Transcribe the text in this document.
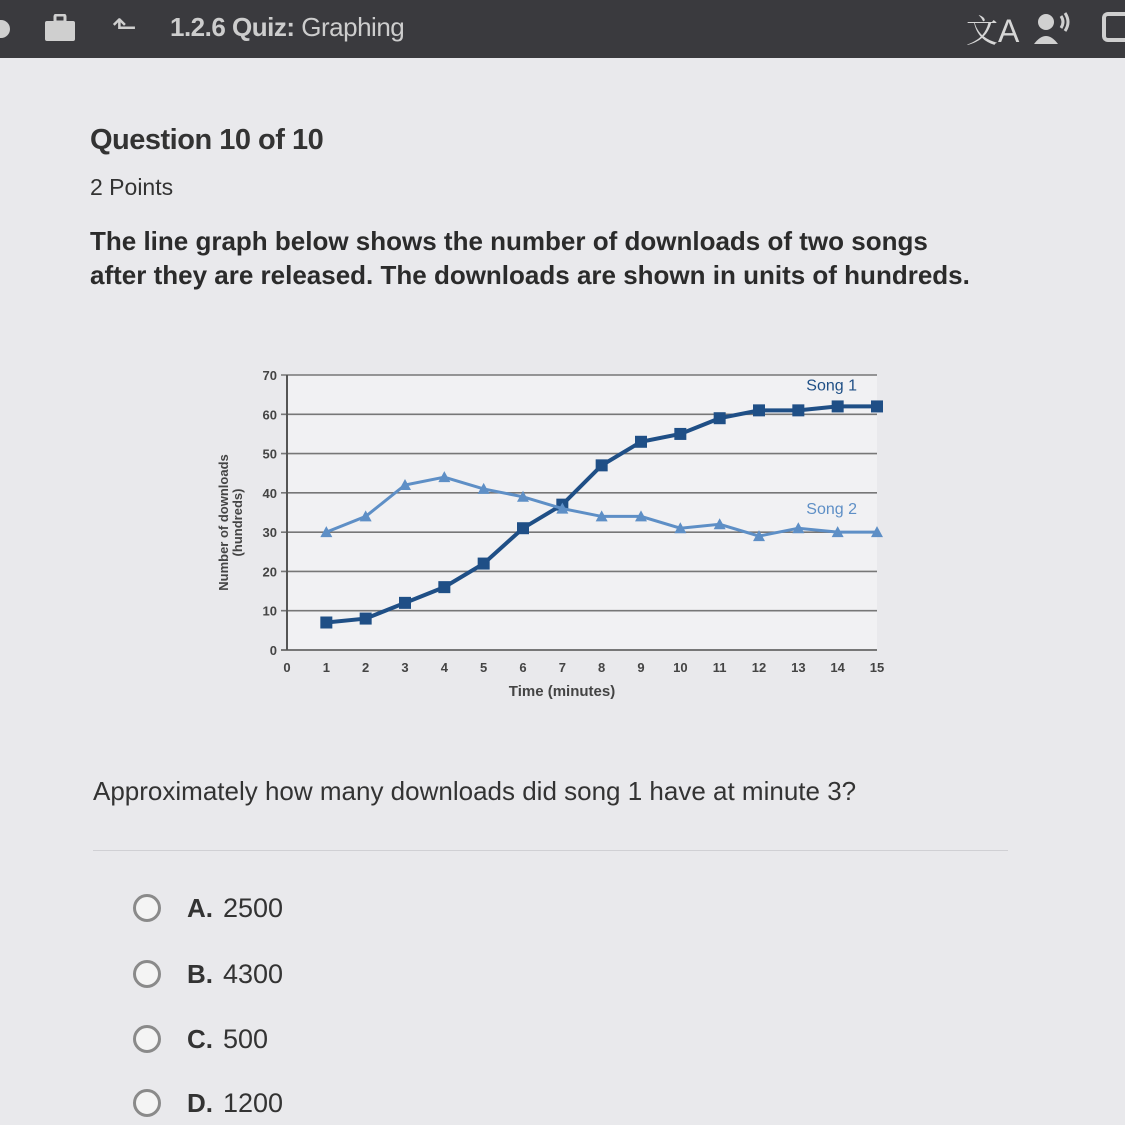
⬑ 1.2.6 Quiz: Graphing	文A
Question 10 of 10
2 Points
The line graph below shows the number of downloads of two songs after they are released. The downloads are shown in units of hundreds.
0
10
20
30
40
50
60
70
0 1 2 3 4 5 6 7 8 9 10 11 12 13 14 15
Time (minutes)
Number of downloads(hundreds)
Song 1
Song 2
Approximately how many downloads did song 1 have at minute 3?
A. 2500
B. 4300
C. 500
D. 1200
